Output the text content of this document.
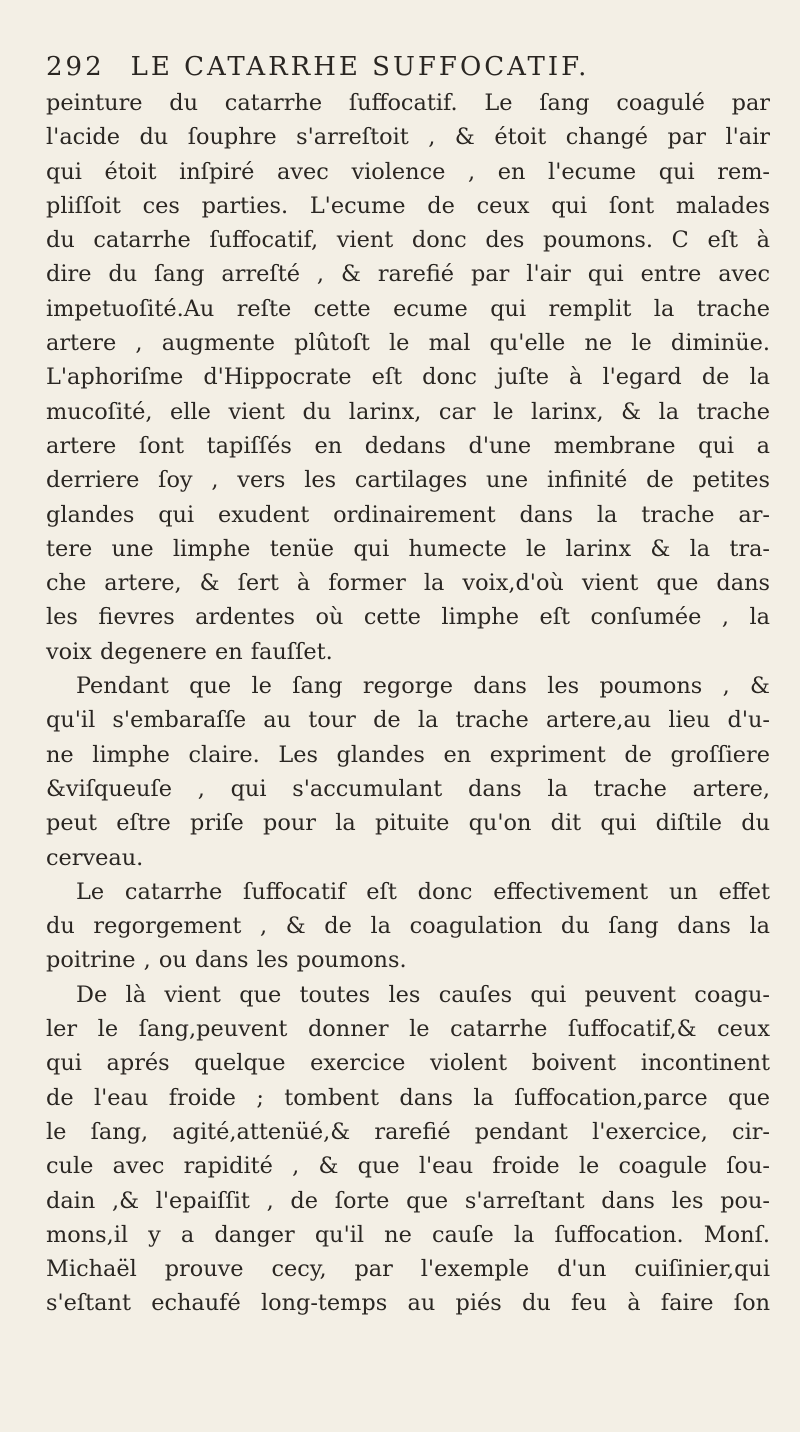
292 LE CATARRHE SUFFOCATIF.
peinture du catarrhe ſuffocatif. Le ſang coagulé par
l'acide du ſouphre s'arreſtoit , & étoit changé par l'air
qui étoit inſpiré avec violence , en l'ecume qui rem-
pliſſoit ces parties. L'ecume de ceux qui ſont malades
du catarrhe ſuffocatif, vient donc des poumons. C eſt à
dire du ſang arreſté , & rarefié par l'air qui entre avec
impetuoſité.Au reſte cette ecume qui remplit la trache
artere , augmente plûtoſt le mal qu'elle ne le diminüe.
L'aphoriſme d'Hippocrate eſt donc juſte à l'egard de la
mucoſité, elle vient du larinx, car le larinx, & la trache
artere ſont tapiſſés en dedans d'une membrane qui a
derriere ſoy , vers les cartilages une infinité de petites
glandes qui exudent ordinairement dans la trache ar-
tere une limphe tenüe qui humecte le larinx & la tra-
che artere, & ſert à former la voix,d'où vient que dans
les fievres ardentes où cette limphe eſt conſumée , la
voix degenere en fauſſet.
Pendant que le ſang regorge dans les poumons , &
qu'il s'embaraſſe au tour de la trache artere,au lieu d'u-
ne limphe claire. Les glandes en expriment de groſſiere
&viſqueuſe , qui s'accumulant dans la trache artere,
peut eſtre priſe pour la pituite qu'on dit qui diſtile du
cerveau.
Le catarrhe ſuffocatif eſt donc effectivement un effet
du regorgement , & de la coagulation du ſang dans la
poitrine , ou dans les poumons.
De là vient que toutes les cauſes qui peuvent coagu-
ler le ſang,peuvent donner le catarrhe ſuffocatif,& ceux
qui aprés quelque exercice violent boivent incontinent
de l'eau froide ; tombent dans la ſuffocation,parce que
le ſang, agité,attenüé,& rarefié pendant l'exercice, cir-
cule avec rapidité , & que l'eau froide le coagule ſou-
dain ,& l'epaiſſit , de ſorte que s'arreſtant dans les pou-
mons,il y a danger qu'il ne cauſe la ſuffocation. Monſ.
Michaël prouve cecy, par l'exemple d'un cuiſinier,qui
s'eſtant echaufé long-temps au piés du feu à faire ſon
